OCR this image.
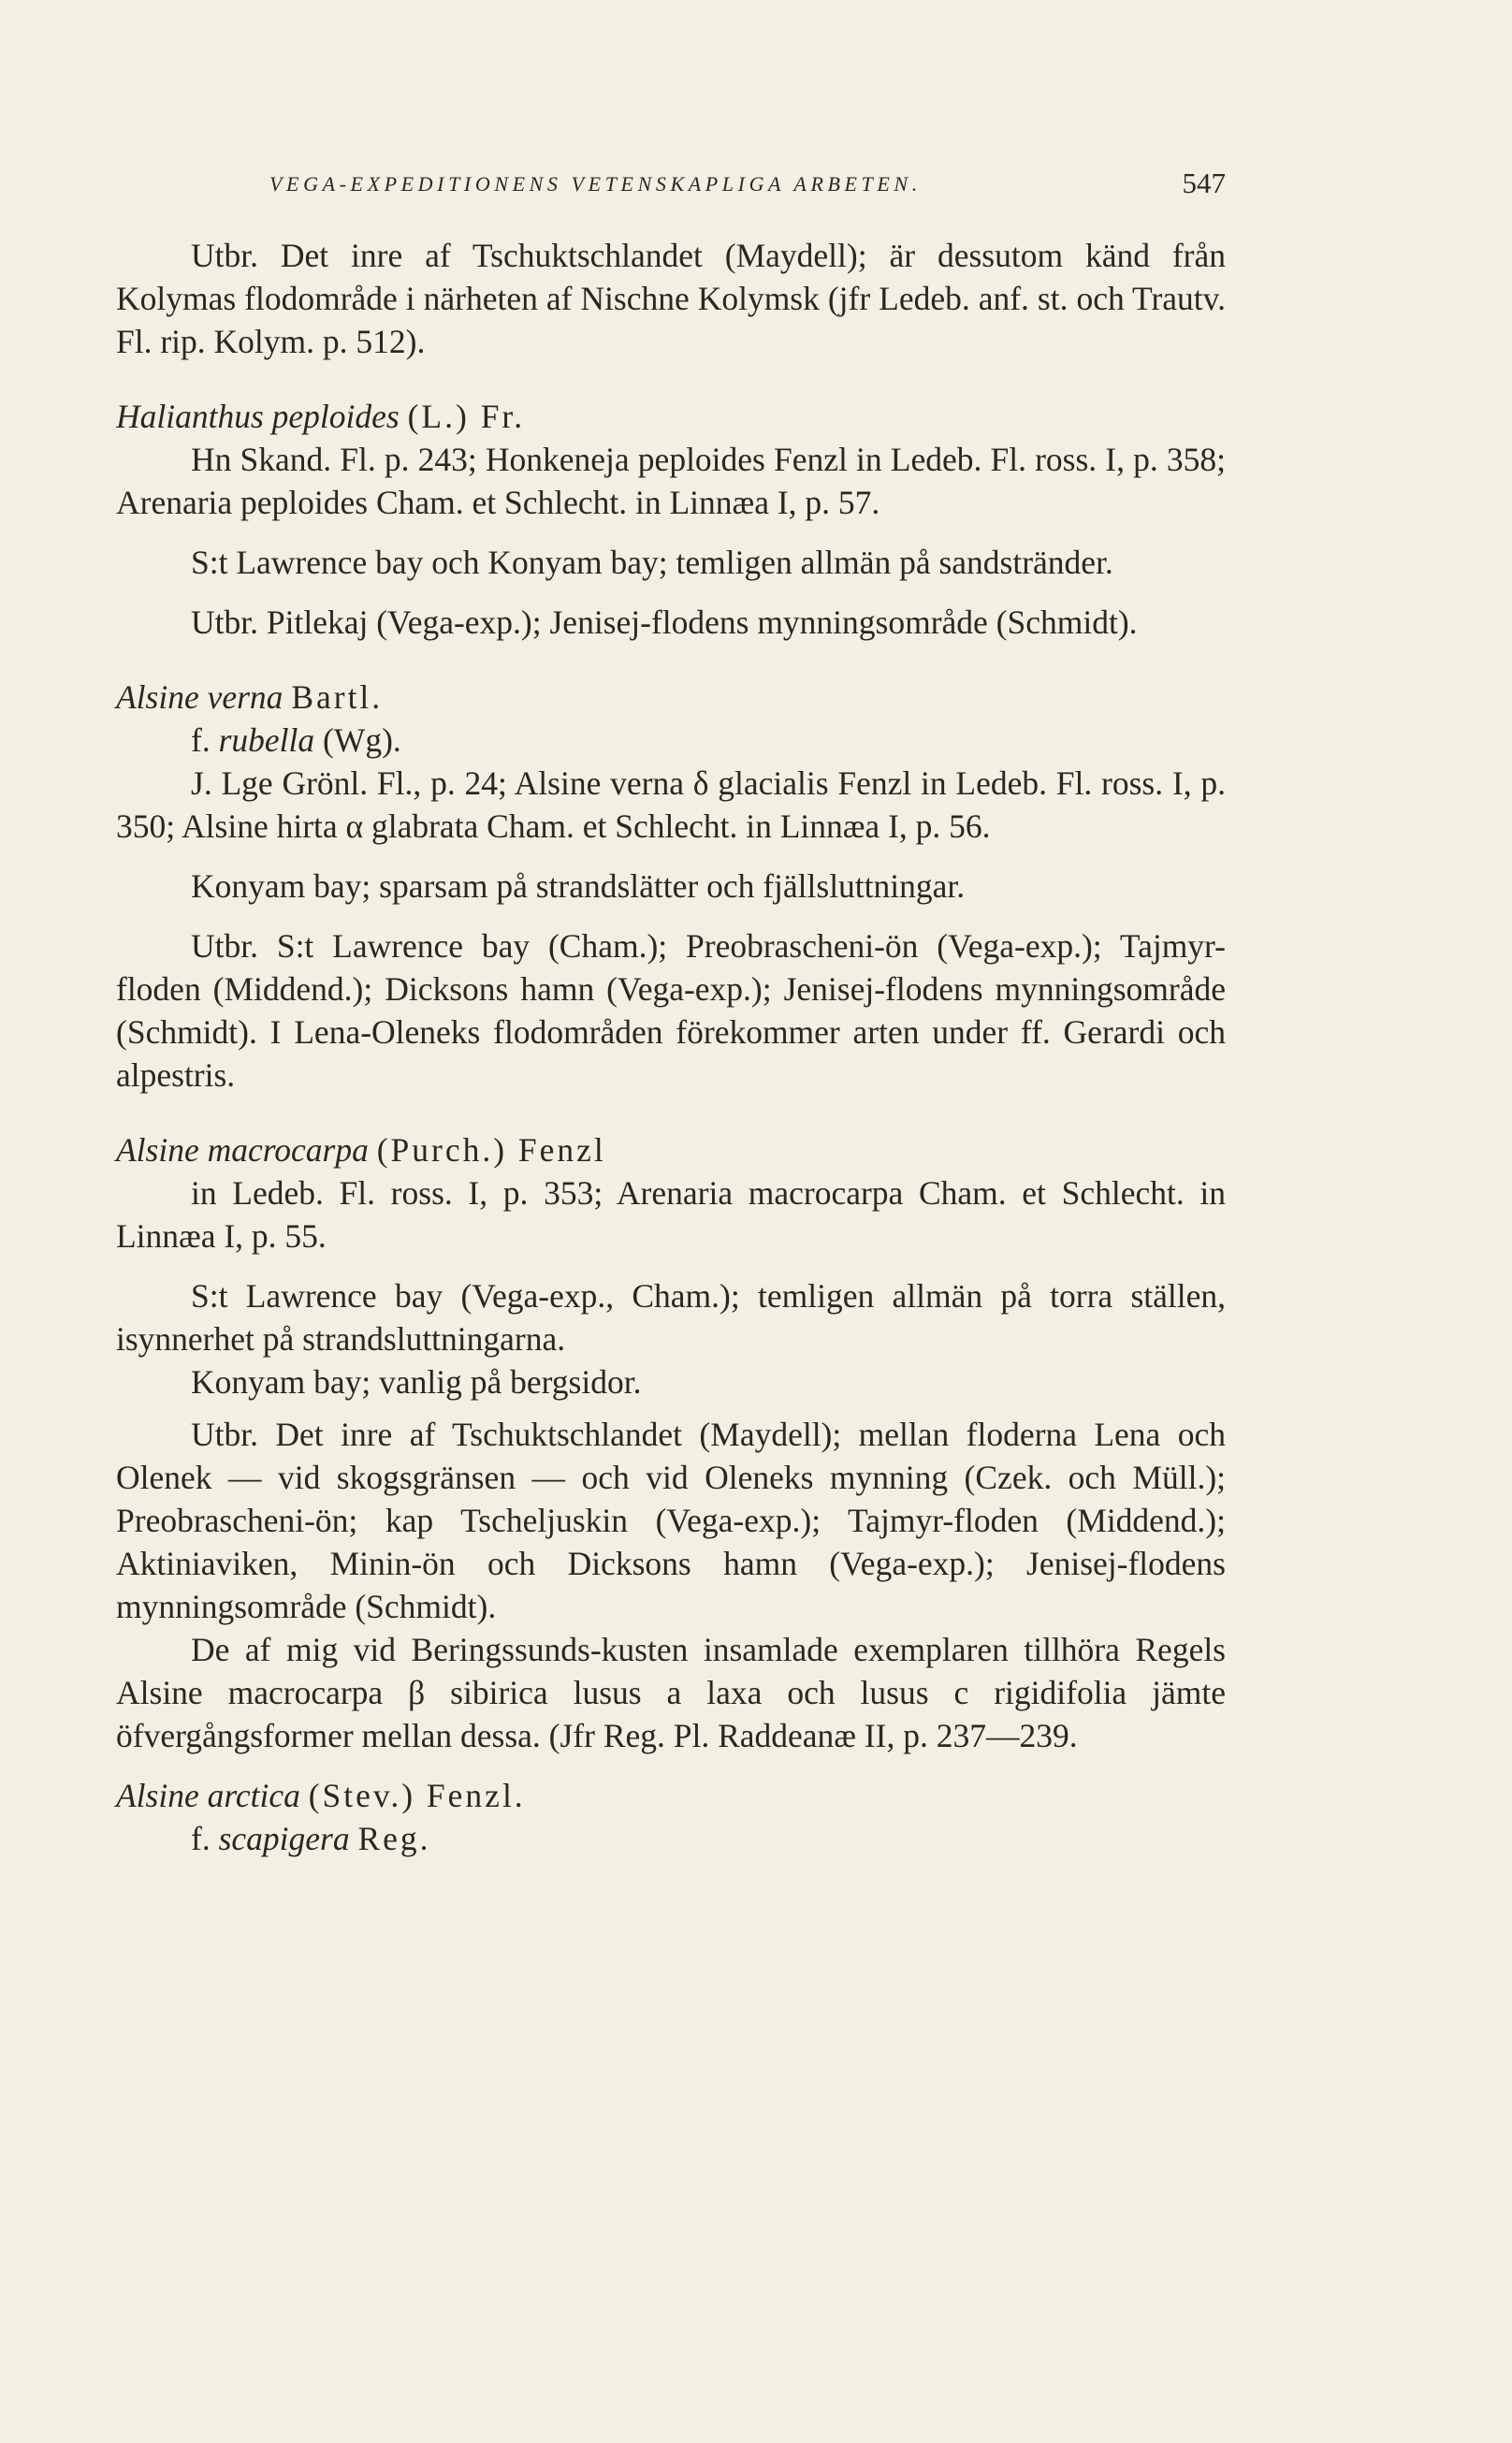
VEGA-EXPEDITIONENS VETENSKAPLIGA ARBETEN.	547

Utbr. Det inre af Tschuktschlandet (Maydell); är dessutom känd från Kolymas flodområde i närheten af Nischne Kolymsk (jfr Ledeb. anf. st. och Trautv. Fl. rip. Kolym. p. 512).

Halianthus peploides (L.) Fr.

Hn Skand. Fl. p. 243; Honkeneja peploides Fenzl in Ledeb. Fl. ross. I, p. 358; Arenaria peploides Cham. et Schlecht. in Linnæa I, p. 57.

S:t Lawrence bay och Konyam bay; temligen allmän på sandstränder.

Utbr. Pitlekaj (Vega-exp.); Jenisej-flodens mynningsområde (Schmidt).

Alsine verna Bartl.

f. rubella (Wg).

J. Lge Grönl. Fl., p. 24; Alsine verna δ glacialis Fenzl in Ledeb. Fl. ross. I, p. 350; Alsine hirta α glabrata Cham. et Schlecht. in Linnæa I, p. 56.

Konyam bay; sparsam på strandslätter och fjällsluttningar.

Utbr. S:t Lawrence bay (Cham.); Preobrascheni-ön (Vega-exp.); Tajmyr-floden (Middend.); Dicksons hamn (Vega-exp.); Jenisej-flodens mynningsområde (Schmidt). I Lena-Oleneks flodområden förekommer arten under ff. Gerardi och alpestris.

Alsine macrocarpa (Purch.) Fenzl

in Ledeb. Fl. ross. I, p. 353; Arenaria macrocarpa Cham. et Schlecht. in Linnæa I, p. 55.

S:t Lawrence bay (Vega-exp., Cham.); temligen allmän på torra ställen, isynnerhet på strandsluttningarna.

Konyam bay; vanlig på bergsidor.

Utbr. Det inre af Tschuktschlandet (Maydell); mellan floderna Lena och Olenek — vid skogsgränsen — och vid Oleneks mynning (Czek. och Müll.); Preobrascheni-ön; kap Tscheljuskin (Vega-exp.); Tajmyr-floden (Middend.); Aktiniaviken, Minin-ön och Dicksons hamn (Vega-exp.); Jenisej-flodens mynningsområde (Schmidt).

De af mig vid Beringssunds-kusten insamlade exemplaren tillhöra Regels Alsine macrocarpa β sibirica lusus a laxa och lusus c rigidifolia jämte öfvergångsformer mellan dessa. (Jfr Reg. Pl. Raddeanæ II, p. 237—239.

Alsine arctica (Stev.) Fenzl.

f. scapigera Reg.
